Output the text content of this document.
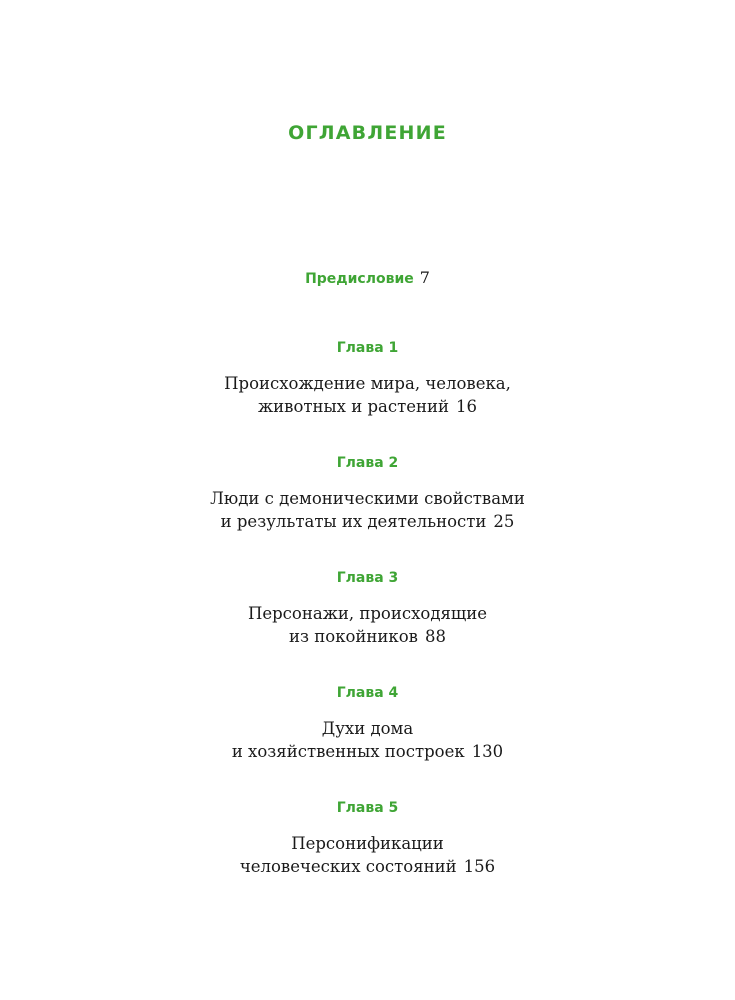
ОГЛАВЛЕНИЕ
Предисловие 7
Глава 1
Происхождение мира, человека,
животных и растений 16
Глава 2
Люди с демоническими свойствами
и результаты их деятельности 25
Глава 3
Персонажи, происходящие
из покойников 88
Глава 4
Духи дома
и хозяйственных построек 130
Глава 5
Персонификации
человеческих состояний 156
